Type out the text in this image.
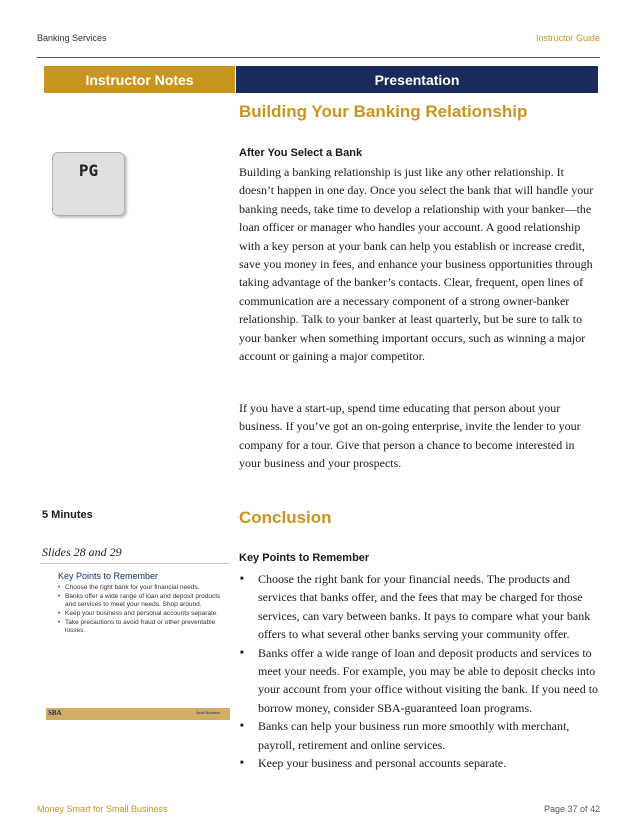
Banking Services	Instructor Guide
Instructor Notes	Presentation
PG
5 Minutes
Slides 28 and 29
Key Points to Remember
• Choose the right bank for your financial needs.
• Banks offer a wide range of loan and deposit products and services to meet your needs. Shop around.
• Keep your business and personal accounts separate.
• Take precautions to avoid fraud or other preventable losses.
SBA	Small Business
Building Your Banking Relationship
After You Select a Bank

Building a banking relationship is just like any other relationship. It doesn’t happen in one day. Once you select the bank that will handle your banking needs, take time to develop a relationship with your banker—the loan officer or manager who handles your account. A good relationship with a key person at your bank can help you establish or increase credit, save you money in fees, and enhance your business opportunities through taking advantage of the banker’s contacts. Clear, frequent, open lines of communication are a necessary component of a strong owner-banker relationship. Talk to your banker at least quarterly, but be sure to talk to your banker when something important occurs, such as winning a major account or gaining a major competitor.

If you have a start-up, spend time educating that person about your business. If you’ve got an on-going enterprise, invite the lender to your company for a tour. Give that person a chance to become interested in your business and your prospects.

Conclusion
Key Points to Remember
■ Choose the right bank for your financial needs. The products and services that banks offer, and the fees that may be charged for those services, can vary between banks. It pays to compare what your bank offers to what several other banks serving your community offer.
■ Banks offer a wide range of loan and deposit products and services to meet your needs. For example, you may be able to deposit checks into your account from your office without visiting the bank. If you need to borrow money, consider SBA-guaranteed loan programs.
■ Banks can help your business run more smoothly with merchant, payroll, retirement and online services.
■ Keep your business and personal accounts separate.
Money Smart for Small Business	Page 37 of 42
